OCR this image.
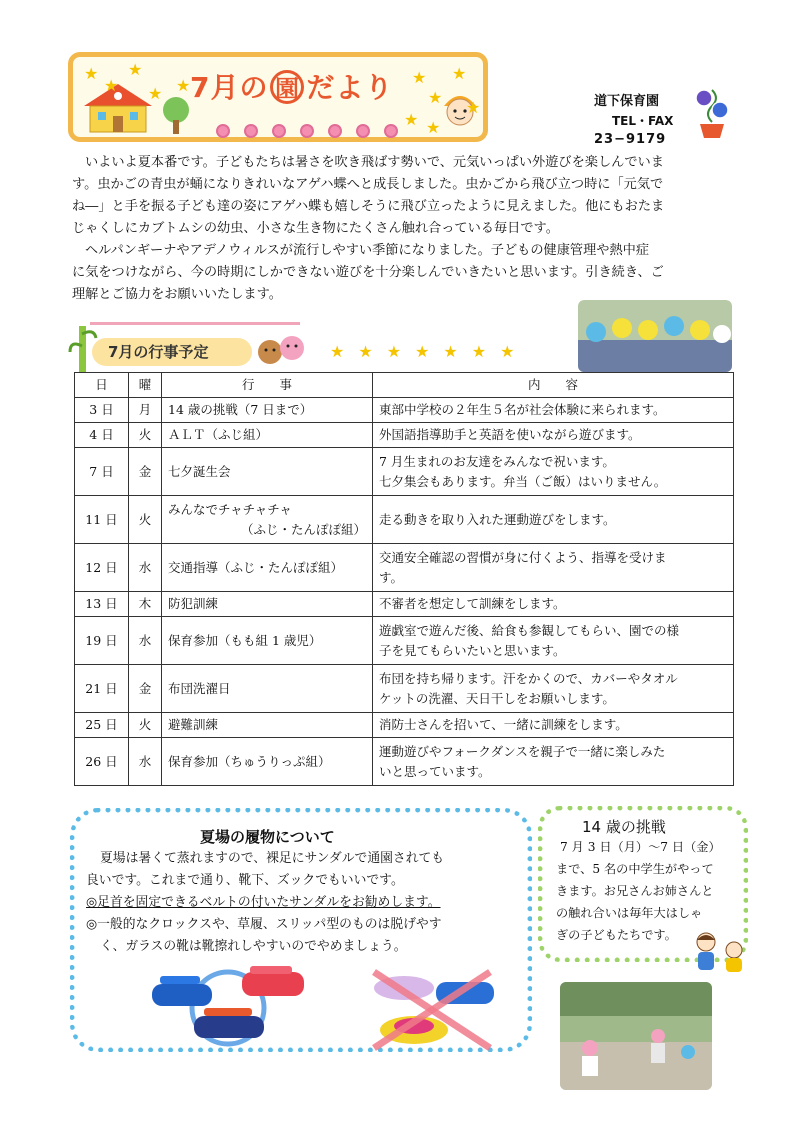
★
★
★
★ ★	★
★
★
★
★ ★
7月の 園 だより	道下保育園
TEL・FAX
23−9179
いよいよ夏本番です。子どもたちは暑さを吹き飛ばす勢いで、元気いっぱい外遊びを楽しんでいま
す。虫かごの青虫が蛹になりきれいなアゲハ蝶へと成長しました。虫かごから飛び立つ時に「元気で
ね―」と手を振る子ども達の姿にアゲハ蝶も嬉しそうに飛び立ったように見えました。他にもおたま
じゃくしにカブトムシの幼虫、小さな生き物にたくさん触れ合っている毎日です。
ヘルパンギーナやアデノウィルスが流行しやすい季節になりました。子どもの健康管理や熱中症
に気をつけながら、今の時期にしかできない遊びを十分楽しんでいきたいと思います。引き続き、ご
理解とご協力をお願いいたします。
7月の行事予定	★★★★★★★
日	曜	行　　事	内　　容
3 日	月	14 歳の挑戦（7 日まで）	東部中学校の２年生５名が社会体験に来られます。
4 日	火	ＡＬＴ（ふじ組）	外国語指導助手と英語を使いながら遊びます。
7 日	金	七夕誕生会	7 月生まれのお友達をみんなで祝います。
七夕集会もあります。弁当（ご飯）はいりません。

11 日	火	みんなでチャチャチャ
（ふじ・たんぽぽ組）	走る動きを取り入れた運動遊びをします。
12 日	水	交通指導（ふじ・たんぽぽ組）	交通安全確認の習慣が身に付くよう、指導を受けま
す。

13 日	木	防犯訓練	不審者を想定して訓練をします。
19 日	水	保育参加（もも組 1 歳児）	遊戯室で遊んだ後、給食も参観してもらい、園での様
子を見てもらいたいと思います。

21 日	金	布団洗濯日	布団を持ち帰ります。汗をかくので、カバーやタオル
ケットの洗濯、天日干しをお願いします。

25 日	火	避難訓練	消防士さんを招いて、一緒に訓練をします。
26 日	水	保育参加（ちゅうりっぷ組）	運動遊びやフォークダンスを親子で一緒に楽しみた
いと思っています。
夏場の履物について
夏場は暑くて蒸れますので、裸足にサンダルで通園されても
良いです。これまで通り、靴下、ズックでもいいです。
◎足首を固定できるベルトの付いたサンダルをお勧めします。
◎一般的なクロックスや、草履、スリッパ型のものは脱げやす
く、ガラスの靴は靴擦れしやすいのでやめましょう。
14 歳の挑戦
7 月 3 日（月）～7 日（金）
まで、5 名の中学生がやって
きます。お兄さんお姉さんと
の触れ合いは毎年大はしゃ
ぎの子どもたちです。
